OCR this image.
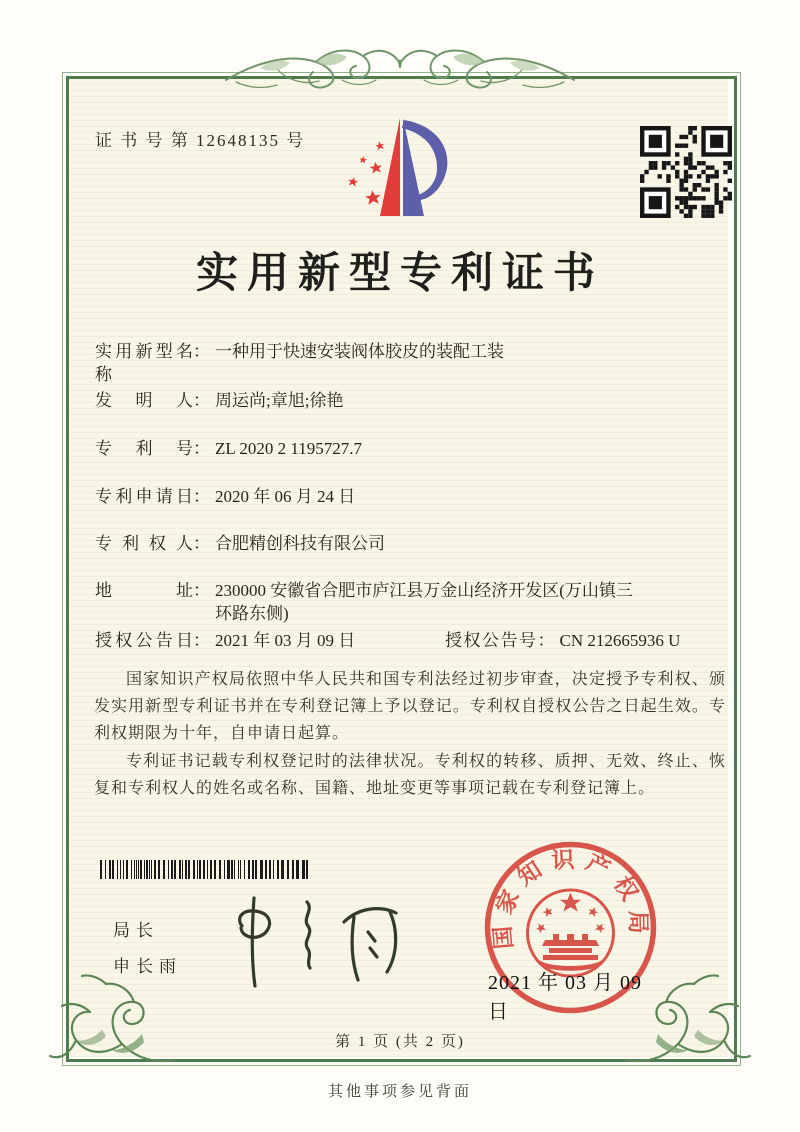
证 书 号 第 12648135 号
实用新型专利证书
实用新型名称： 一种用于快速安装阀体胶皮的装配工装
发明人： 周运尚;章旭;徐艳
专利号： ZL 2020 2 1195727.7
专利申请日： 2020 年 06 月 24 日
专利权人： 合肥精创科技有限公司
地址： 230000 安徽省合肥市庐江县万金山经济开发区(万山镇三环路东侧)
授权公告日： 2021 年 03 月 09 日	授权公告号： CN 212665936 U

国家知识产权局依照中华人民共和国专利法经过初步审查，决定授予专利权、颁发实用新型专利证书并在专利登记簿上予以登记。专利权自授权公告之日起生效。专利权期限为十年，自申请日起算。

专利证书记载专利权登记时的法律状况。专利权的转移、质押、无效、终止、恢复和专利权人的姓名或名称、国籍、地址变更等事项记载在专利登记簿上。

局长
申长雨
国家知识产权局
2021 年 03 月 09 日
第 1 页 (共 2 页)
其他事项参见背面
